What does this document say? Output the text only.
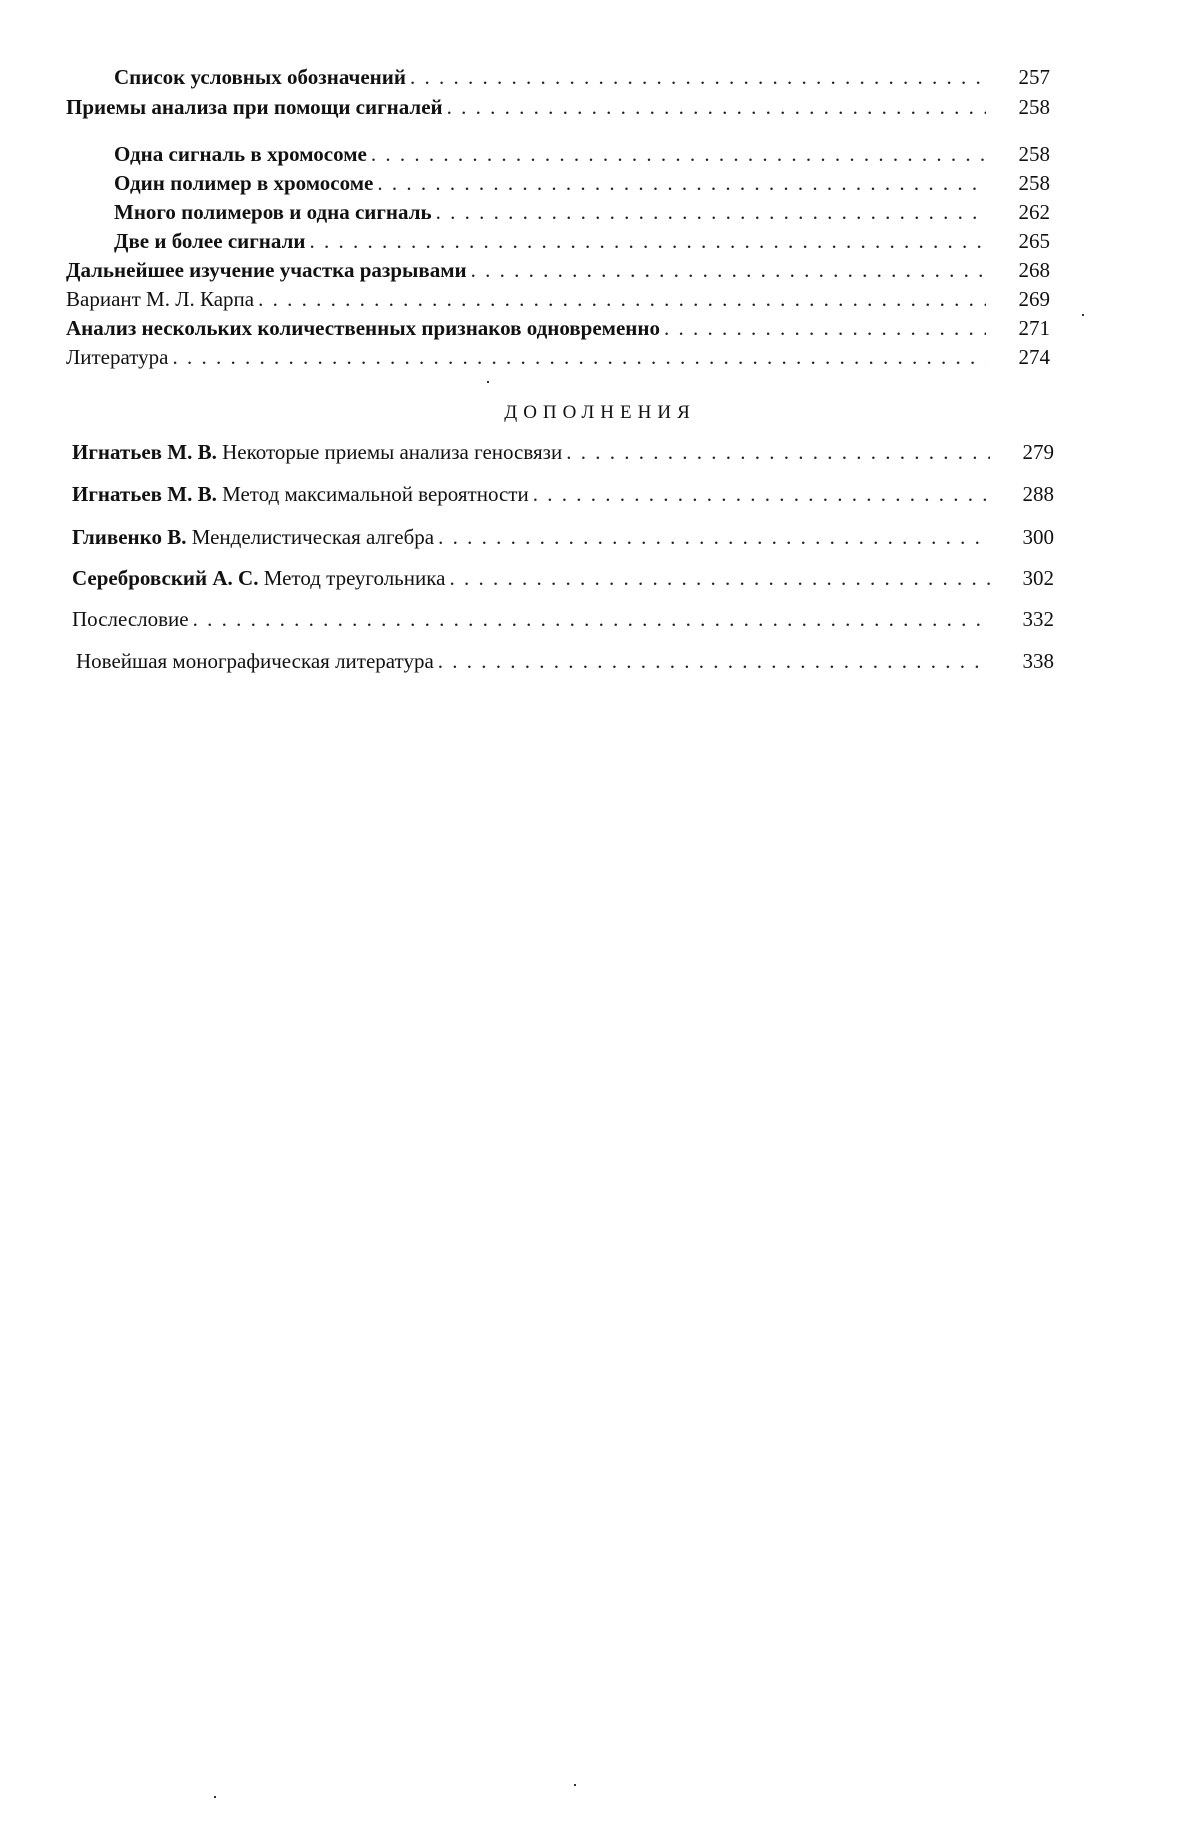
Список условных обозначений . . .	257
Приемы анализа при помощи сигналей . . .	258
Одна сигналь в хромосоме . . .	258
Один полимер в хромосоме . . .	258
Много полимеров и одна сигналь . . .	262
Две и более сигнали . . .	265
Дальнейшее изучение участка разрывами . . .	268
Вариант М. Л. Карпа . . .	269
Анализ нескольких количественных признаков одновременно . . .	271
Литература . . .	274
ДОПОЛНЕНИЯ
Игнатьев М. В. Некоторые приемы анализа геносвязи . . .	279
Игнатьев М. В. Метод максимальной вероятности . . .	288
Гливенко В. Менделистическая алгебра . . .	300
Серебровский А. С. Метод треугольника . . .	302
Послесловие . . .	332
Новейшая монографическая литература . . .	338
